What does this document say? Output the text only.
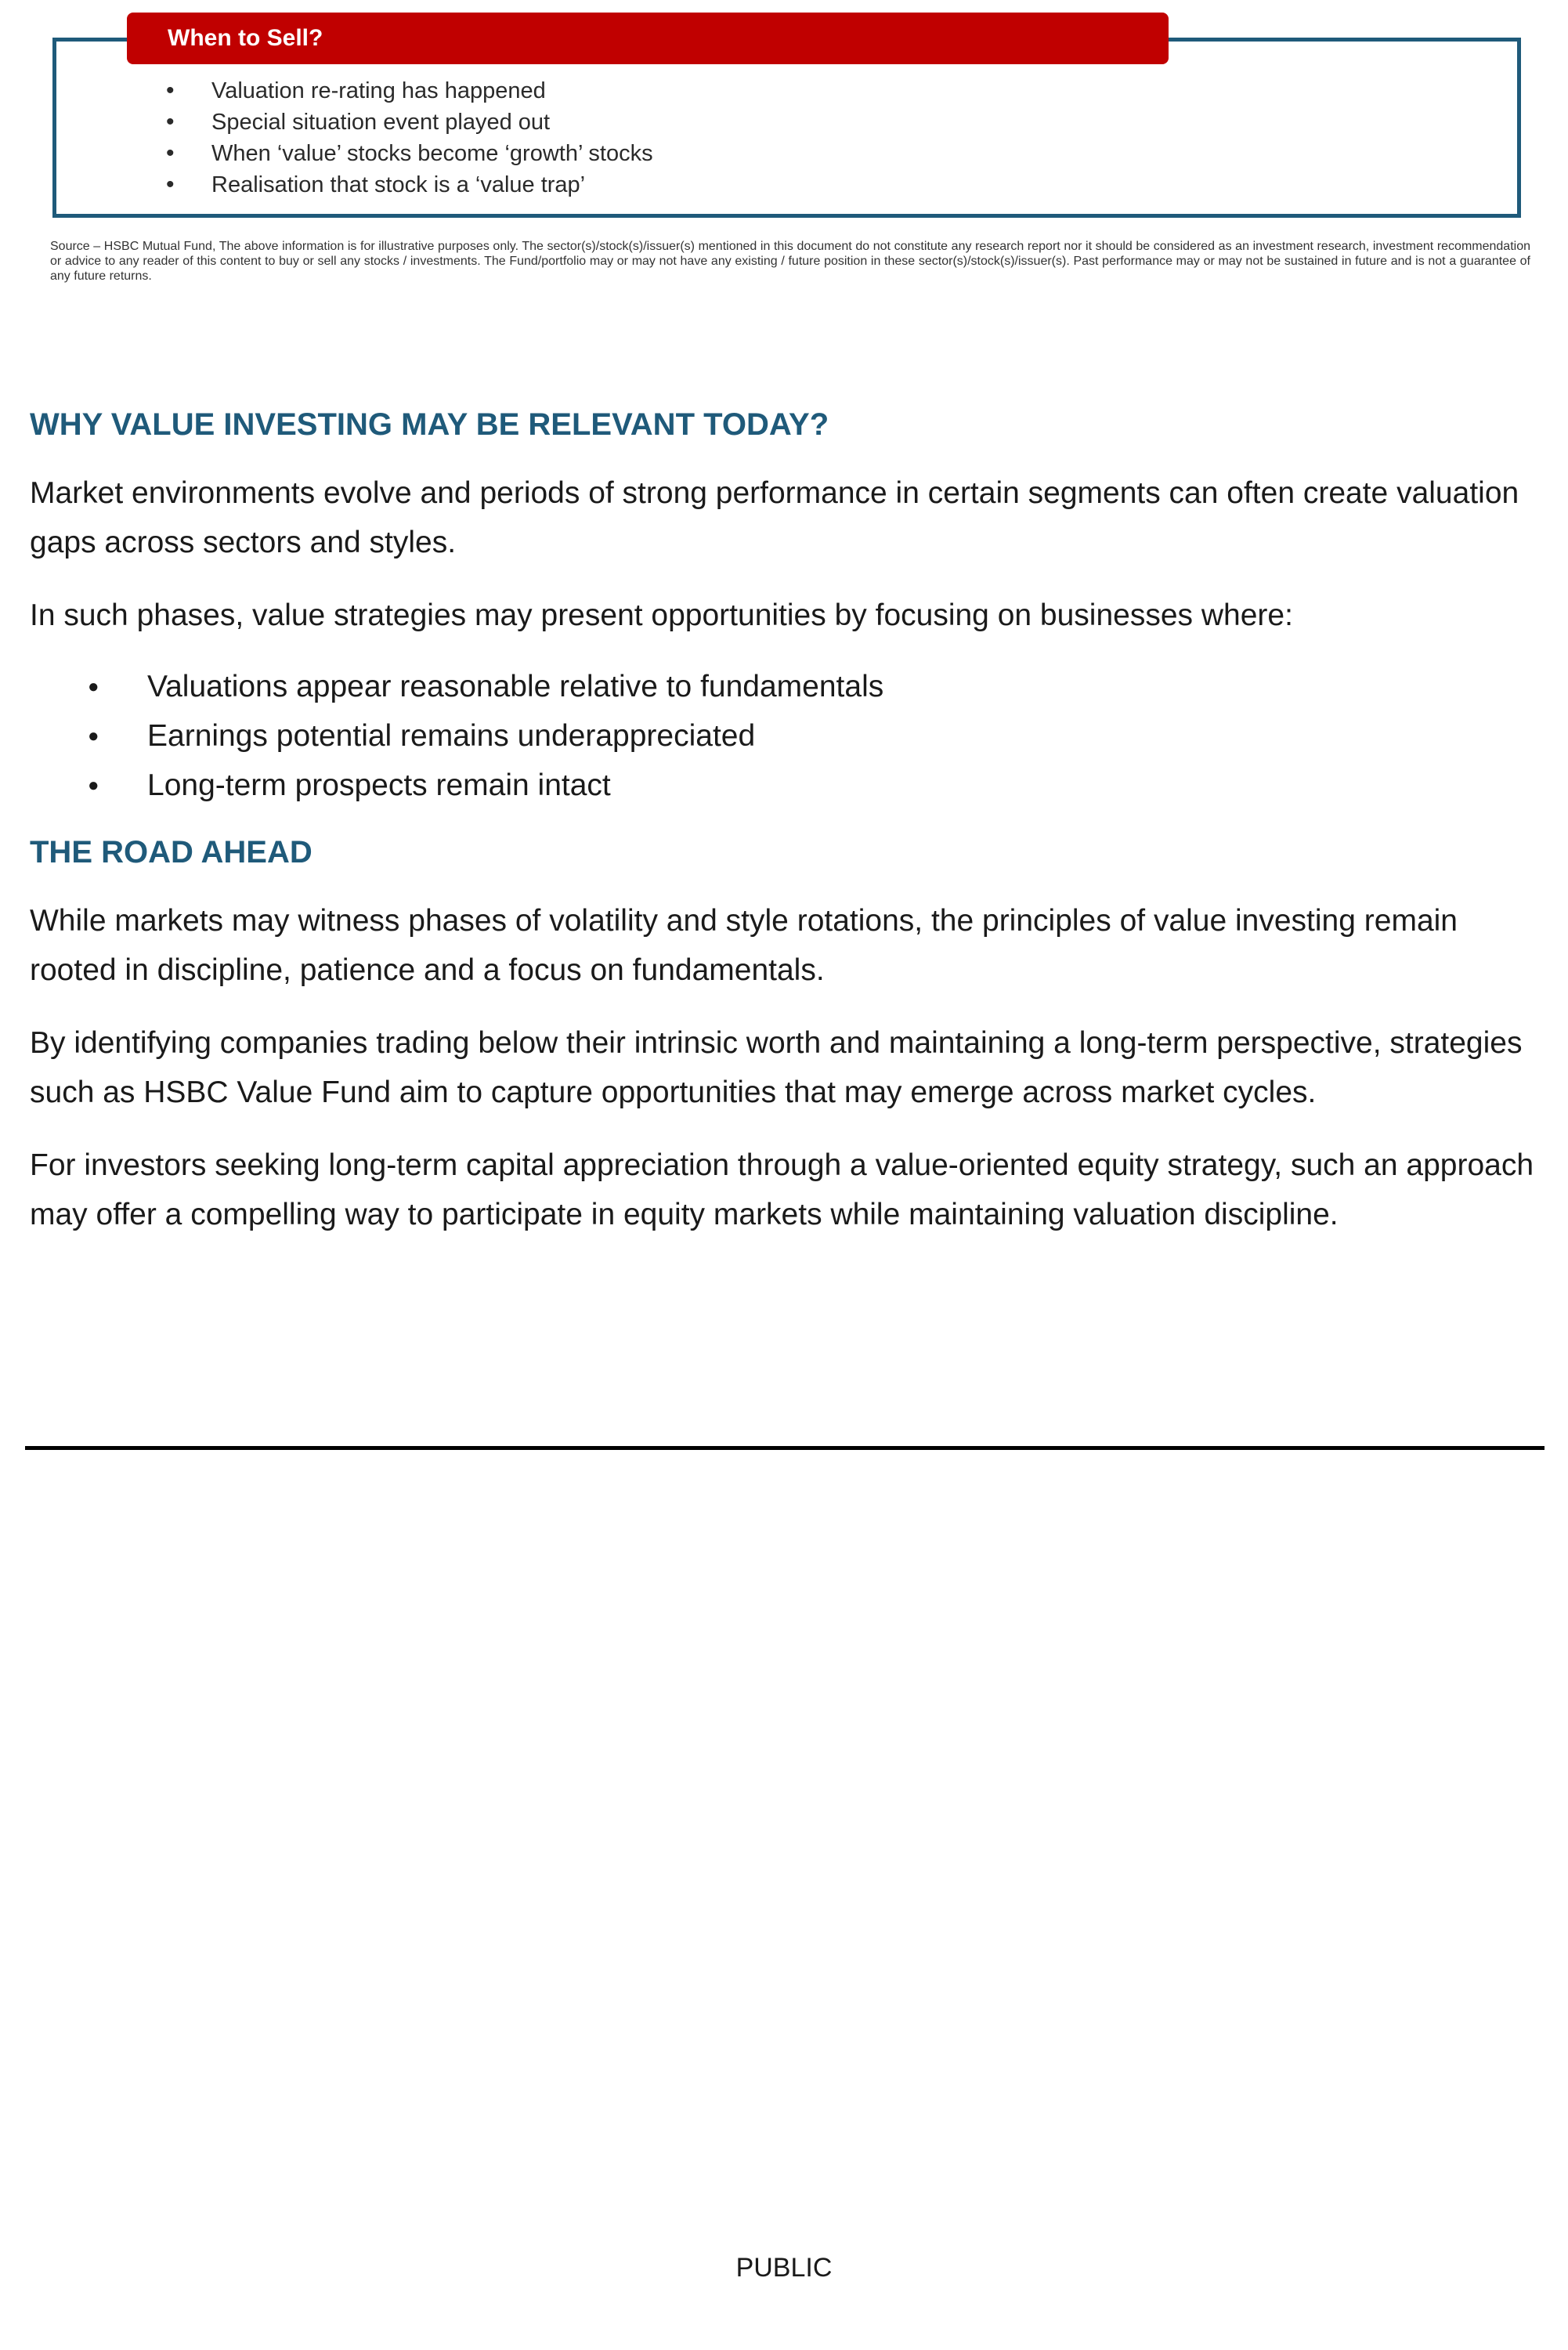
When to Sell?
• Valuation re-rating has happened
• Special situation event played out
• When ‘value’ stocks become ‘growth’ stocks
• Realisation that stock is a ‘value trap’
Source – HSBC Mutual Fund, The above information is for illustrative purposes only. The sector(s)/stock(s)/issuer(s) mentioned in this document do not constitute any research report nor it should be considered as an investment research, investment recommendation or advice to any reader of this content to buy or sell any stocks / investments. The Fund/portfolio may or may not have any existing / future position in these sector(s)/stock(s)/issuer(s). Past performance may or may not be sustained in future and is not a guarantee of any future returns.
WHY VALUE INVESTING MAY BE RELEVANT TODAY?

Market environments evolve and periods of strong performance in certain segments can often create valuation gaps across sectors and styles.

In such phases, value strategies may present opportunities by focusing on businesses where:

● Valuations appear reasonable relative to fundamentals
● Earnings potential remains underappreciated
● Long-term prospects remain intact
THE ROAD AHEAD

While markets may witness phases of volatility and style rotations, the principles of value investing remain rooted in discipline, patience and a focus on fundamentals.

By identifying companies trading below their intrinsic worth and maintaining a long-term perspective, strategies such as HSBC Value Fund aim to capture opportunities that may emerge across market cycles.

For investors seeking long-term capital appreciation through a value-oriented equity strategy, such an approach may offer a compelling way to participate in equity markets while maintaining valuation discipline.

PUBLIC
